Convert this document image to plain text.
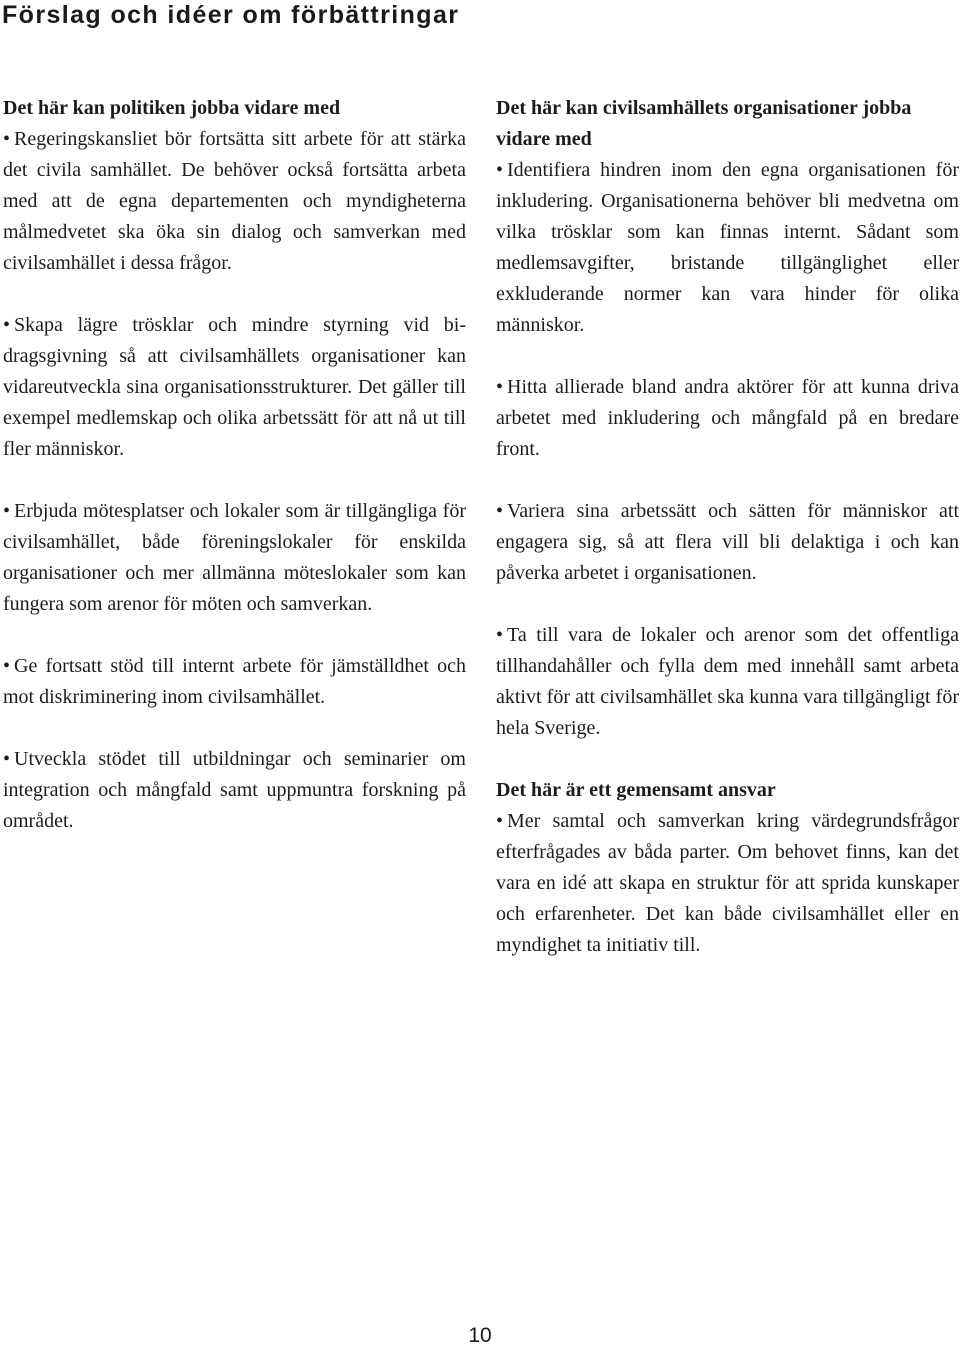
Förslag och idéer om förbättringar

Det här kan politiken jobba vidare med

• Regeringskansliet bör fortsätta sitt arbete för att stärka det civila samhället. De behöver också fortsätta arbeta med att de egna departementen och myndigheterna målmedvetet ska öka sin dialog och samverkan med civilsamhället i dessa frågor.

• Skapa lägre trösklar och mindre styrning vid bidragsgivning så att civilsamhällets organisationer kan vidareutveckla sina organisationsstrukturer. Det gäller till exempel medlemskap och olika arbetssätt för att nå ut till fler människor.

• Erbjuda mötesplatser och lokaler som är tillgängliga för civilsamhället, både föreningslokaler för enskilda organisationer och mer allmänna möteslokaler som kan fungera som arenor för möten och samverkan.

• Ge fortsatt stöd till internt arbete för jämställdhet och mot diskriminering inom civilsamhället.

• Utveckla stödet till utbildningar och seminarier om integration och mångfald samt uppmuntra forskning på området.

Det här kan civilsamhällets organisationer jobba vidare med

• Identifiera hindren inom den egna organisationen för inkludering. Organisationerna behöver bli medvetna om vilka trösklar som kan finnas internt. Sådant som medlemsavgifter, bristande tillgänglighet eller exkluderande normer kan vara hinder för olika människor.

• Hitta allierade bland andra aktörer för att kunna driva arbetet med inkludering och mångfald på en bredare front.

• Variera sina arbetssätt och sätten för människor att engagera sig, så att flera vill bli delaktiga i och kan påverka arbetet i organisationen.

• Ta till vara de lokaler och arenor som det offentliga tillhandahåller och fylla dem med innehåll samt arbeta aktivt för att civilsamhället ska kunna vara tillgängligt för hela Sverige.

Det här är ett gemensamt ansvar

• Mer samtal och samverkan kring värdegrundsfrågor efterfrågades av båda parter. Om behovet finns, kan det vara en idé att skapa en struktur för att sprida kunskaper och erfarenheter. Det kan både civilsamhället eller en myndighet ta initiativ till.

10
